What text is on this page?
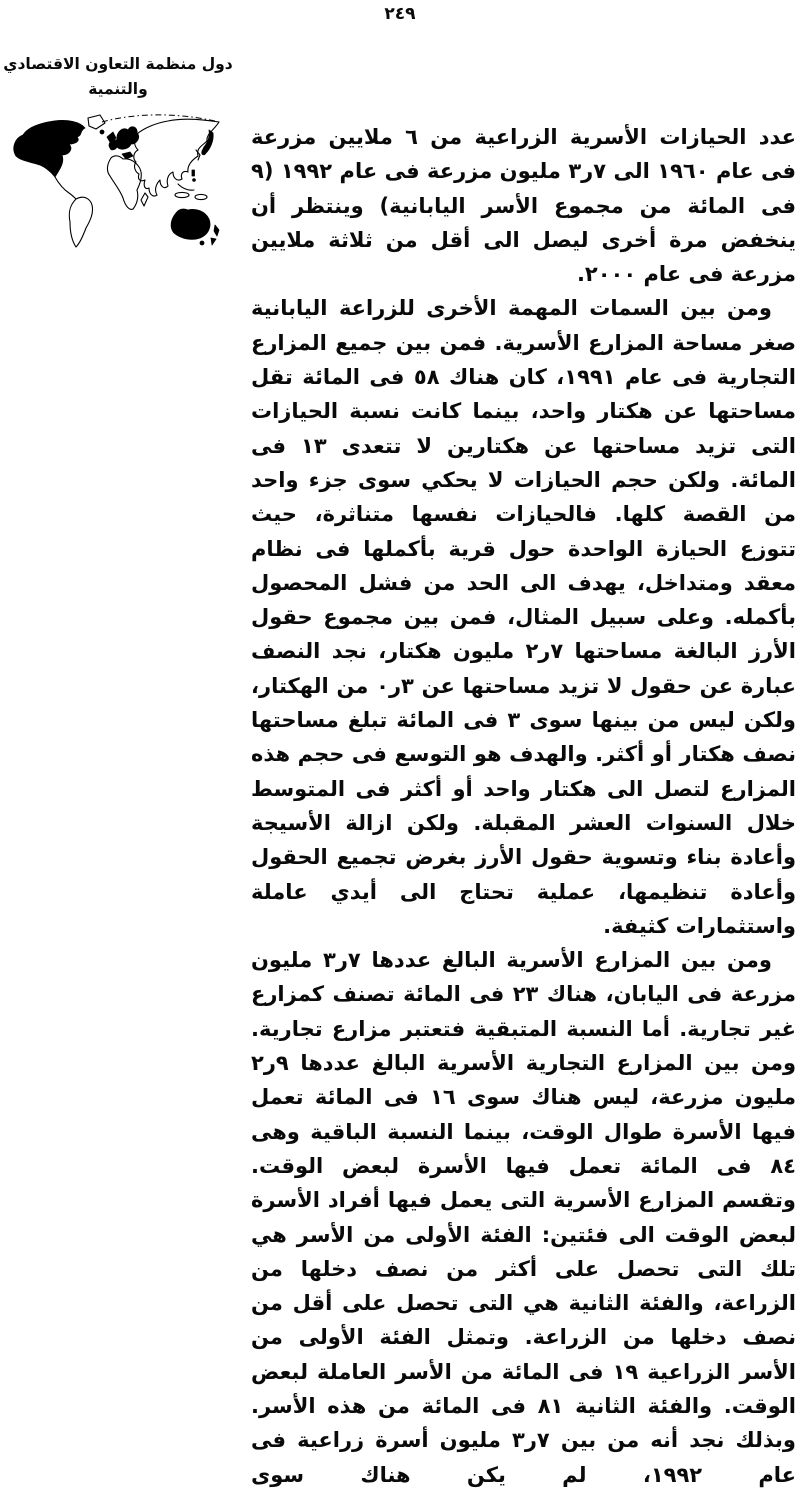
٢٤٩
دول منظمة التعاون الاقتصادي
والتنمية

عدد الحيازات الأسرية الزراعية من ٦ ملايين مزرعة فى عام ١٩٦٠ الى ٧ر٣ مليون مزرعة فى عام ١٩٩٢ (٩ فى المائة من مجموع الأسر اليابانية) وينتظر أن ينخفض مرة أخرى ليصل الى أقل من ثلاثة ملايين مزرعة فى عام ٢٠٠٠.

ومن بين السمات المهمة الأخرى للزراعة اليابانية صغر مساحة المزارع الأسرية. فمن بين جميع المزارع التجارية فى عام ١٩٩١، كان هناك ٥٨ فى المائة تقل مساحتها عن هكتار واحد، بينما كانت نسبة الحيازات التى تزيد مساحتها عن هكتارين لا تتعدى ١٣ فى المائة. ولكن حجم الحيازات لا يحكي سوى جزء واحد من القصة كلها. فالحيازات نفسها متناثرة، حيث تتوزع الحيازة الواحدة حول قرية بأكملها فى نظام معقد ومتداخل، يهدف الى الحد من فشل المحصول بأكمله. وعلى سبيل المثال، فمن بين مجموع حقول الأرز البالغة مساحتها ٧ر٢ مليون هكتار، نجد النصف عبارة عن حقول لا تزيد مساحتها عن ٣ر٠ من الهكتار، ولكن ليس من بينها سوى ٣ فى المائة تبلغ مساحتها نصف هكتار أو أكثر. والهدف هو التوسع فى حجم هذه المزارع لتصل الى هكتار واحد أو أكثر فى المتوسط خلال السنوات العشر المقبلة. ولكن ازالة الأسيجة وأعادة بناء وتسوية حقول الأرز بغرض تجميع الحقول وأعادة تنظيمها، عملية تحتاج الى أيدي عاملة واستثمارات كثيفة.

ومن بين المزارع الأسرية البالغ عددها ٧ر٣ مليون مزرعة فى اليابان، هناك ٢٣ فى المائة تصنف كمزارع غير تجارية. أما النسبة المتبقية فتعتبر مزارع تجارية. ومن بين المزارع التجارية الأسرية البالغ عددها ٩ر٢ مليون مزرعة، ليس هناك سوى ١٦ فى المائة تعمل فيها الأسرة طوال الوقت، بينما النسبة الباقية وهى ٨٤ فى المائة تعمل فيها الأسرة لبعض الوقت. وتقسم المزارع الأسرية التى يعمل فيها أفراد الأسرة لبعض الوقت الى فئتين: الفئة الأولى من الأسر هي تلك التى تحصل على أكثر من نصف دخلها من الزراعة، والفئة الثانية هي التى تحصل على أقل من نصف دخلها من الزراعة. وتمثل الفئة الأولى من الأسر الزراعية ١٩ فى المائة من الأسر العاملة لبعض الوقت. والفئة الثانية ٨١ فى المائة من هذه الأسر. وبذلك نجد أنه من بين ٧ر٣ مليون أسرة زراعية فى عام ١٩٩٢، لم يكن هناك سوى
